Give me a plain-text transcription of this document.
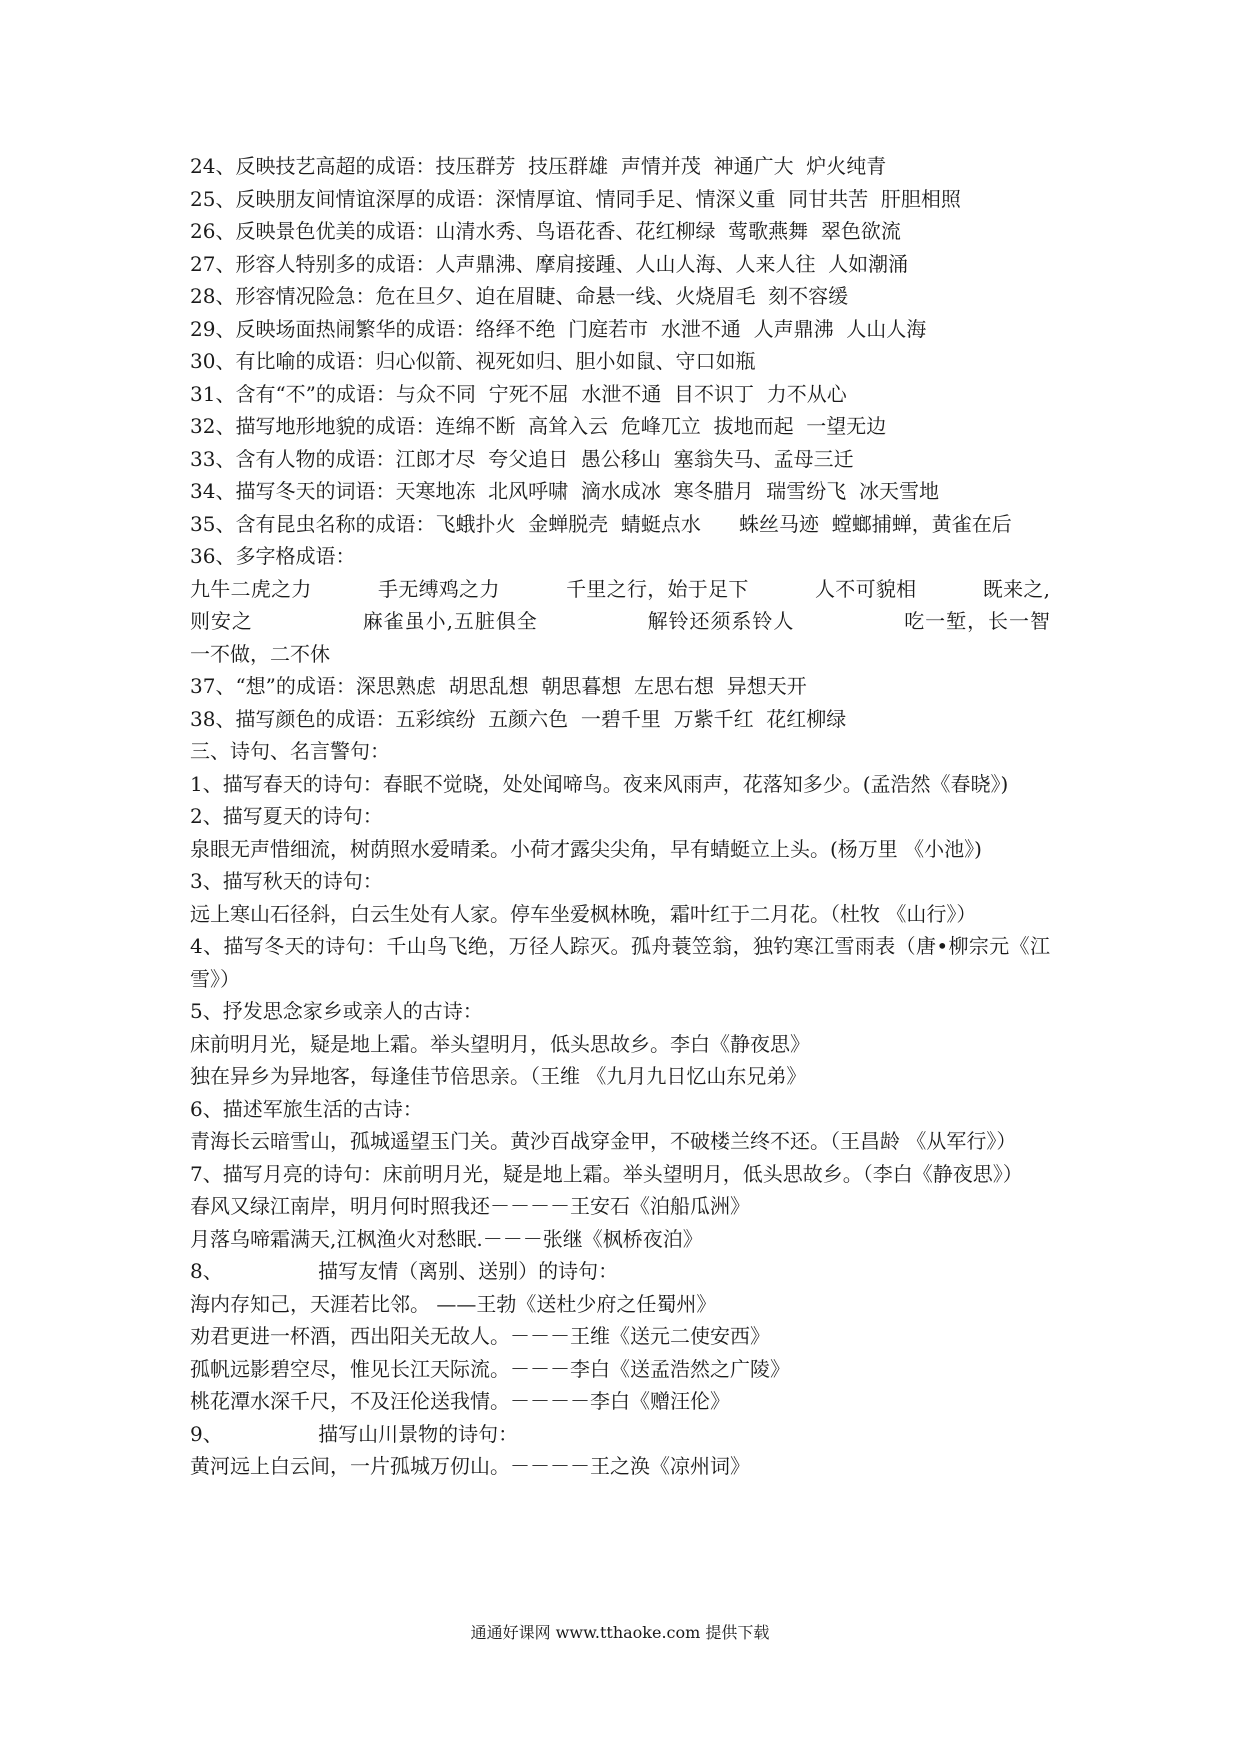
24、反映技艺高超的成语：技压群芳  技压群雄  声情并茂  神通广大  炉火纯青
25、反映朋友间情谊深厚的成语：深情厚谊、情同手足、情深义重  同甘共苦  肝胆相照
26、反映景色优美的成语：山清水秀、鸟语花香、花红柳绿  莺歌燕舞  翠色欲流
27、形容人特别多的成语：人声鼎沸、摩肩接踵、人山人海、人来人往  人如潮涌
28、形容情况险急：危在旦夕、迫在眉睫、命悬一线、火烧眉毛  刻不容缓
29、反映场面热闹繁华的成语：络绎不绝  门庭若市  水泄不通  人声鼎沸  人山人海
30、有比喻的成语：归心似箭、视死如归、胆小如鼠、守口如瓶
31、含有“不”的成语：与众不同  宁死不屈  水泄不通  目不识丁  力不从心
32、描写地形地貌的成语：连绵不断  高耸入云  危峰兀立  拔地而起  一望无边
33、含有人物的成语：江郎才尽  夸父追日  愚公移山  塞翁失马、孟母三迁
34、描写冬天的词语：天寒地冻  北风呼啸  滴水成冰  寒冬腊月  瑞雪纷飞  冰天雪地
35、含有昆虫名称的成语：飞蛾扑火  金蝉脱壳  蜻蜓点水      蛛丝马迹  螳螂捕蝉，黄雀在后
36、多字格成语：
九牛二虎之力          手无缚鸡之力          千里之行，始于足下          人不可貌相          既来之,则安之               麻雀虽小,五脏俱全               解铃还须系铃人               吃一堑，长一智               一不做，二不休
37、“想”的成语：深思熟虑  胡思乱想  朝思暮想  左思右想  异想天开
38、描写颜色的成语：五彩缤纷  五颜六色  一碧千里  万紫千红  花红柳绿
三、诗句、名言警句：
1、描写春天的诗句：春眠不觉晓，处处闻啼鸟。夜来风雨声，花落知多少。(孟浩然《春晓》)
2、描写夏天的诗句：
泉眼无声惜细流，树荫照水爱晴柔。小荷才露尖尖角，早有蜻蜓立上头。(杨万里 《小池》)
3、描写秋天的诗句：
远上寒山石径斜，白云生处有人家。停车坐爱枫林晚，霜叶红于二月花。（杜牧 《山行》）
4、描写冬天的诗句：千山鸟飞绝，万径人踪灭。孤舟蓑笠翁，独钓寒江雪雨表（唐•柳宗元《江雪》）
5、抒发思念家乡或亲人的古诗：
床前明月光，疑是地上霜。举头望明月，低头思故乡。李白《静夜思》
独在异乡为异地客，每逢佳节倍思亲。（王维 《九月九日忆山东兄弟》
6、描述军旅生活的古诗：
青海长云暗雪山，孤城遥望玉门关。黄沙百战穿金甲，不破楼兰终不还。（王昌龄 《从军行》）
7、描写月亮的诗句：床前明月光，疑是地上霜。举头望明月，低头思故乡。（李白《静夜思》）
春风又绿江南岸，明月何时照我还－－－－王安石《泊船瓜洲》
月落乌啼霜满天,江枫渔火对愁眠.－－－张继《枫桥夜泊》
8、               描写友情（离别、送别）的诗句：
海内存知己，天涯若比邻。 ——王勃《送杜少府之任蜀州》
劝君更进一杯酒，西出阳关无故人。－－－王维《送元二使安西》
孤帆远影碧空尽，惟见长江天际流。－－－李白《送孟浩然之广陵》
桃花潭水深千尺，不及汪伦送我情。－－－－李白《赠汪伦》
9、               描写山川景物的诗句：
黄河远上白云间，一片孤城万仞山。－－－－王之涣《凉州词》
通通好课网 www.tthaoke.com 提供下载
